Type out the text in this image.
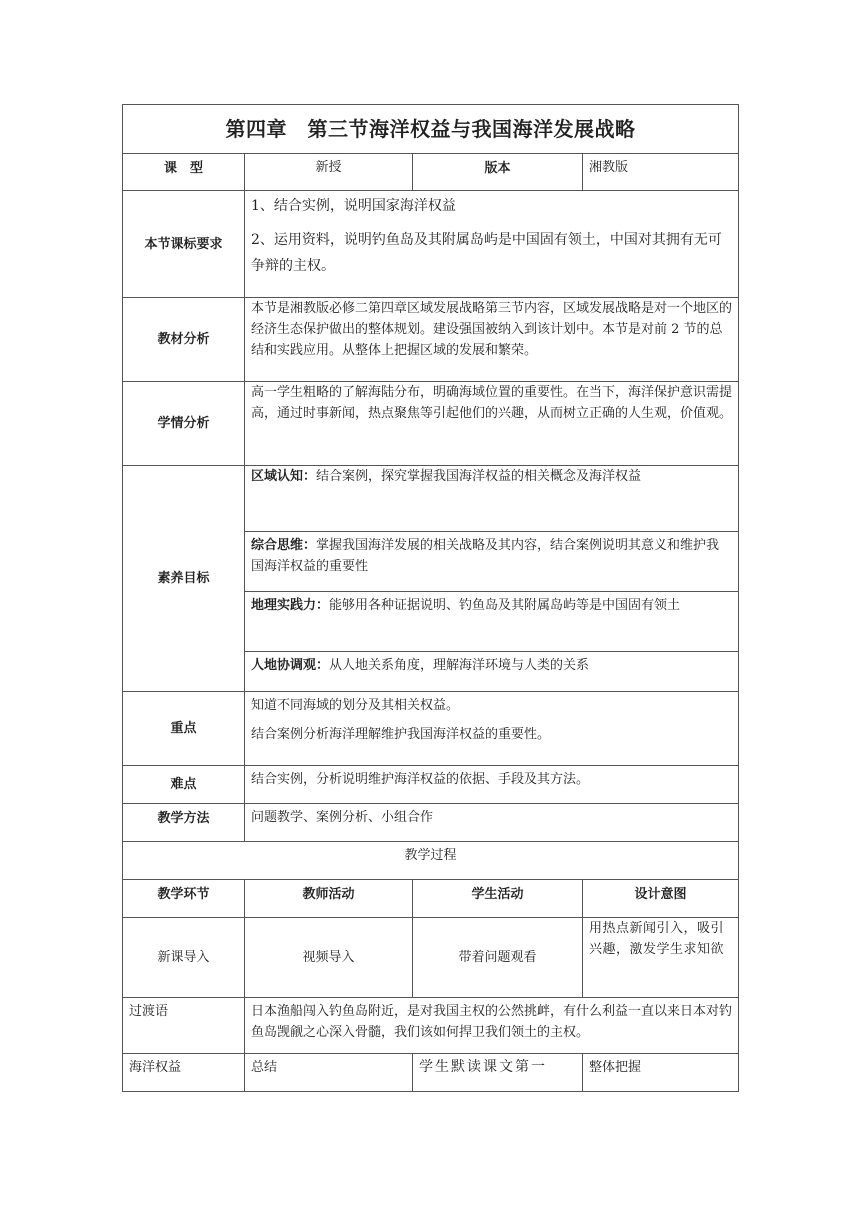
第四章　第三节海洋权益与我国海洋发展战略			
课　型	新授	版本	湘教版
本节课标要求	1、结合实例，说明国家海洋权益

2、运用资料，说明钓鱼岛及其附属岛屿是中国固有领土，中国对其拥有无可争辩的主权。		

教材分析	本节是湘教版必修二第四章区域发展战略第三节内容，区域发展战略是对一个地区的经济生态保护做出的整体规划。建设强国被纳入到该计划中。本节是对前 2 节的总结和实践应用。从整体上把握区域的发展和繁荣。		
学情分析	高一学生粗略的了解海陆分布，明确海域位置的重要性。在当下，海洋保护意识需提高，通过时事新闻，热点聚焦等引起他们的兴趣，从而树立正确的人生观，价值观。		
素养目标	区域认知：结合案例，探究掌握我国海洋权益的相关概念及海洋权益		
	综合思维：掌握我国海洋发展的相关战略及其内容，结合案例说明其意义和维护我国海洋权益的重要性		
	地理实践力：能够用各种证据说明、钓鱼岛及其附属岛屿等是中国固有领土		
	人地协调观：从人地关系角度，理解海洋环境与人类的关系		
重点	知道不同海域的划分及其相关权益。

结合案例分析海洋理解维护我国海洋权益的重要性。		

难点	结合实例，分析说明维护海洋权益的依据、手段及其方法。		
教学方法	问题教学、案例分析、小组合作		
教学过程			
教学环节	教师活动	学生活动	设计意图
新课导入	视频导入	带着问题观看	用热点新闻引入，吸引兴趣，激发学生求知欲
过渡语	日本渔船闯入钓鱼岛附近，是对我国主权的公然挑衅，有什么利益一直以来日本对钓鱼岛觊觎之心深入骨髓，我们该如何捍卫我们领土的主权。		
海洋权益	总结	学生默读课文第一	整体把握
